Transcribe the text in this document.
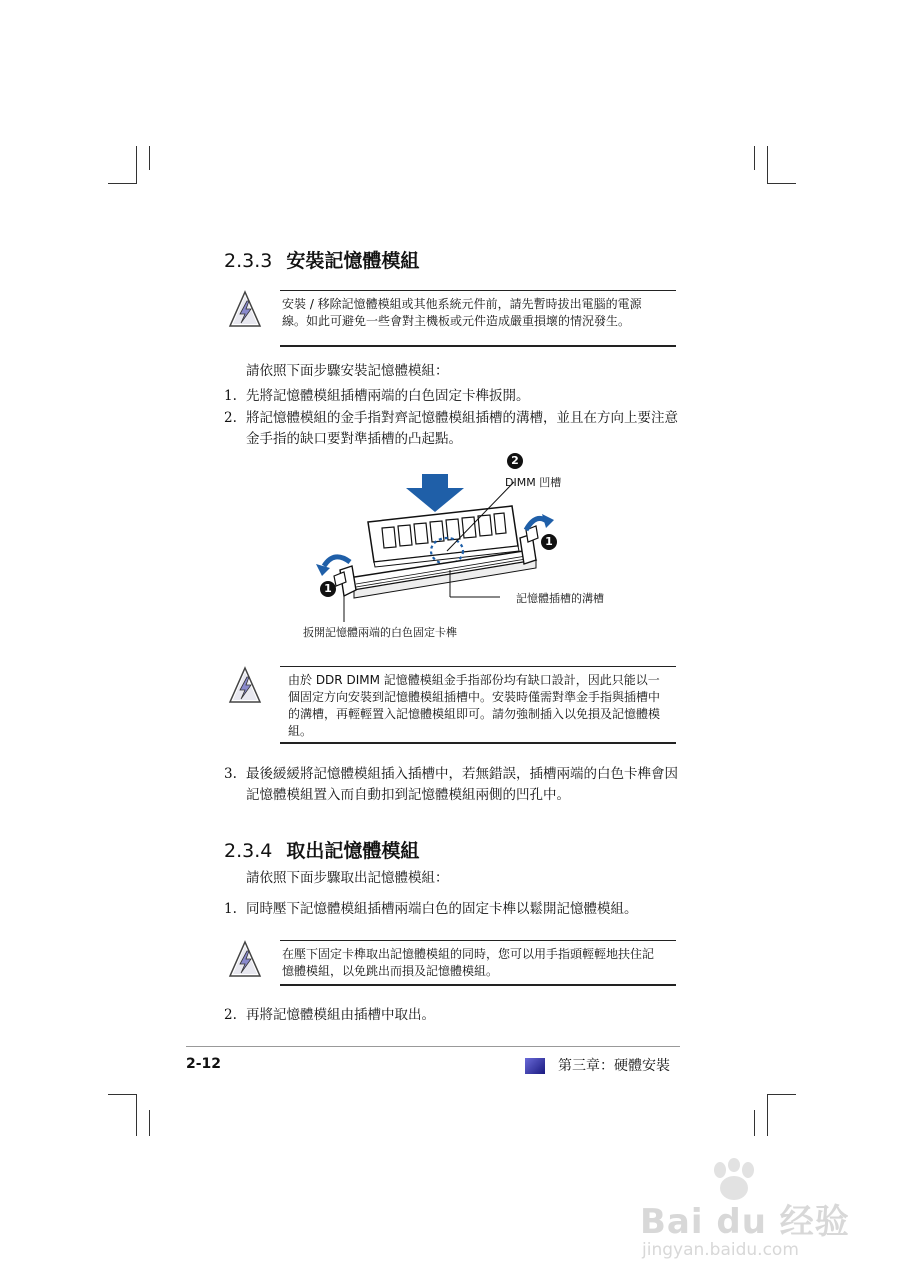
2.3.3 安裝記憶體模組
安裝 / 移除記憶體模組或其他系統元件前，請先暫時拔出電腦的電源線。如此可避免一些會對主機板或元件造成嚴重損壞的情況發生。
請依照下面步驟安裝記憶體模組：
1. 先將記憶體模組插槽兩端的白色固定卡榫扳開。
2. 將記憶體模組的金手指對齊記憶體模組插槽的溝槽，並且在方向上要注意金手指的缺口要對準插槽的凸起點。
2
DIMM 凹槽
1
1
記憶體插槽的溝槽
扳開記憶體兩端的白色固定卡榫
由於 DDR DIMM 記憶體模組金手指部份均有缺口設計，因此只能以一個固定方向安裝到記憶體模組插槽中。安裝時僅需對準金手指與插槽中的溝槽，再輕輕置入記憶體模組即可。請勿強制插入以免損及記憶體模組。
3. 最後緩緩將記憶體模組插入插槽中，若無錯誤，插槽兩端的白色卡榫會因記憶體模組置入而自動扣到記憶體模組兩側的凹孔中。
2.3.4 取出記憶體模組
請依照下面步驟取出記憶體模組：
1. 同時壓下記憶體模組插槽兩端白色的固定卡榫以鬆開記憶體模組。
在壓下固定卡榫取出記憶體模組的同時，您可以用手指頭輕輕地扶住記憶體模組，以免跳出而損及記憶體模組。
2. 再將記憶體模組由插槽中取出。
2-12	第三章：硬體安裝
Bai du 经验
jingyan.baidu.com
